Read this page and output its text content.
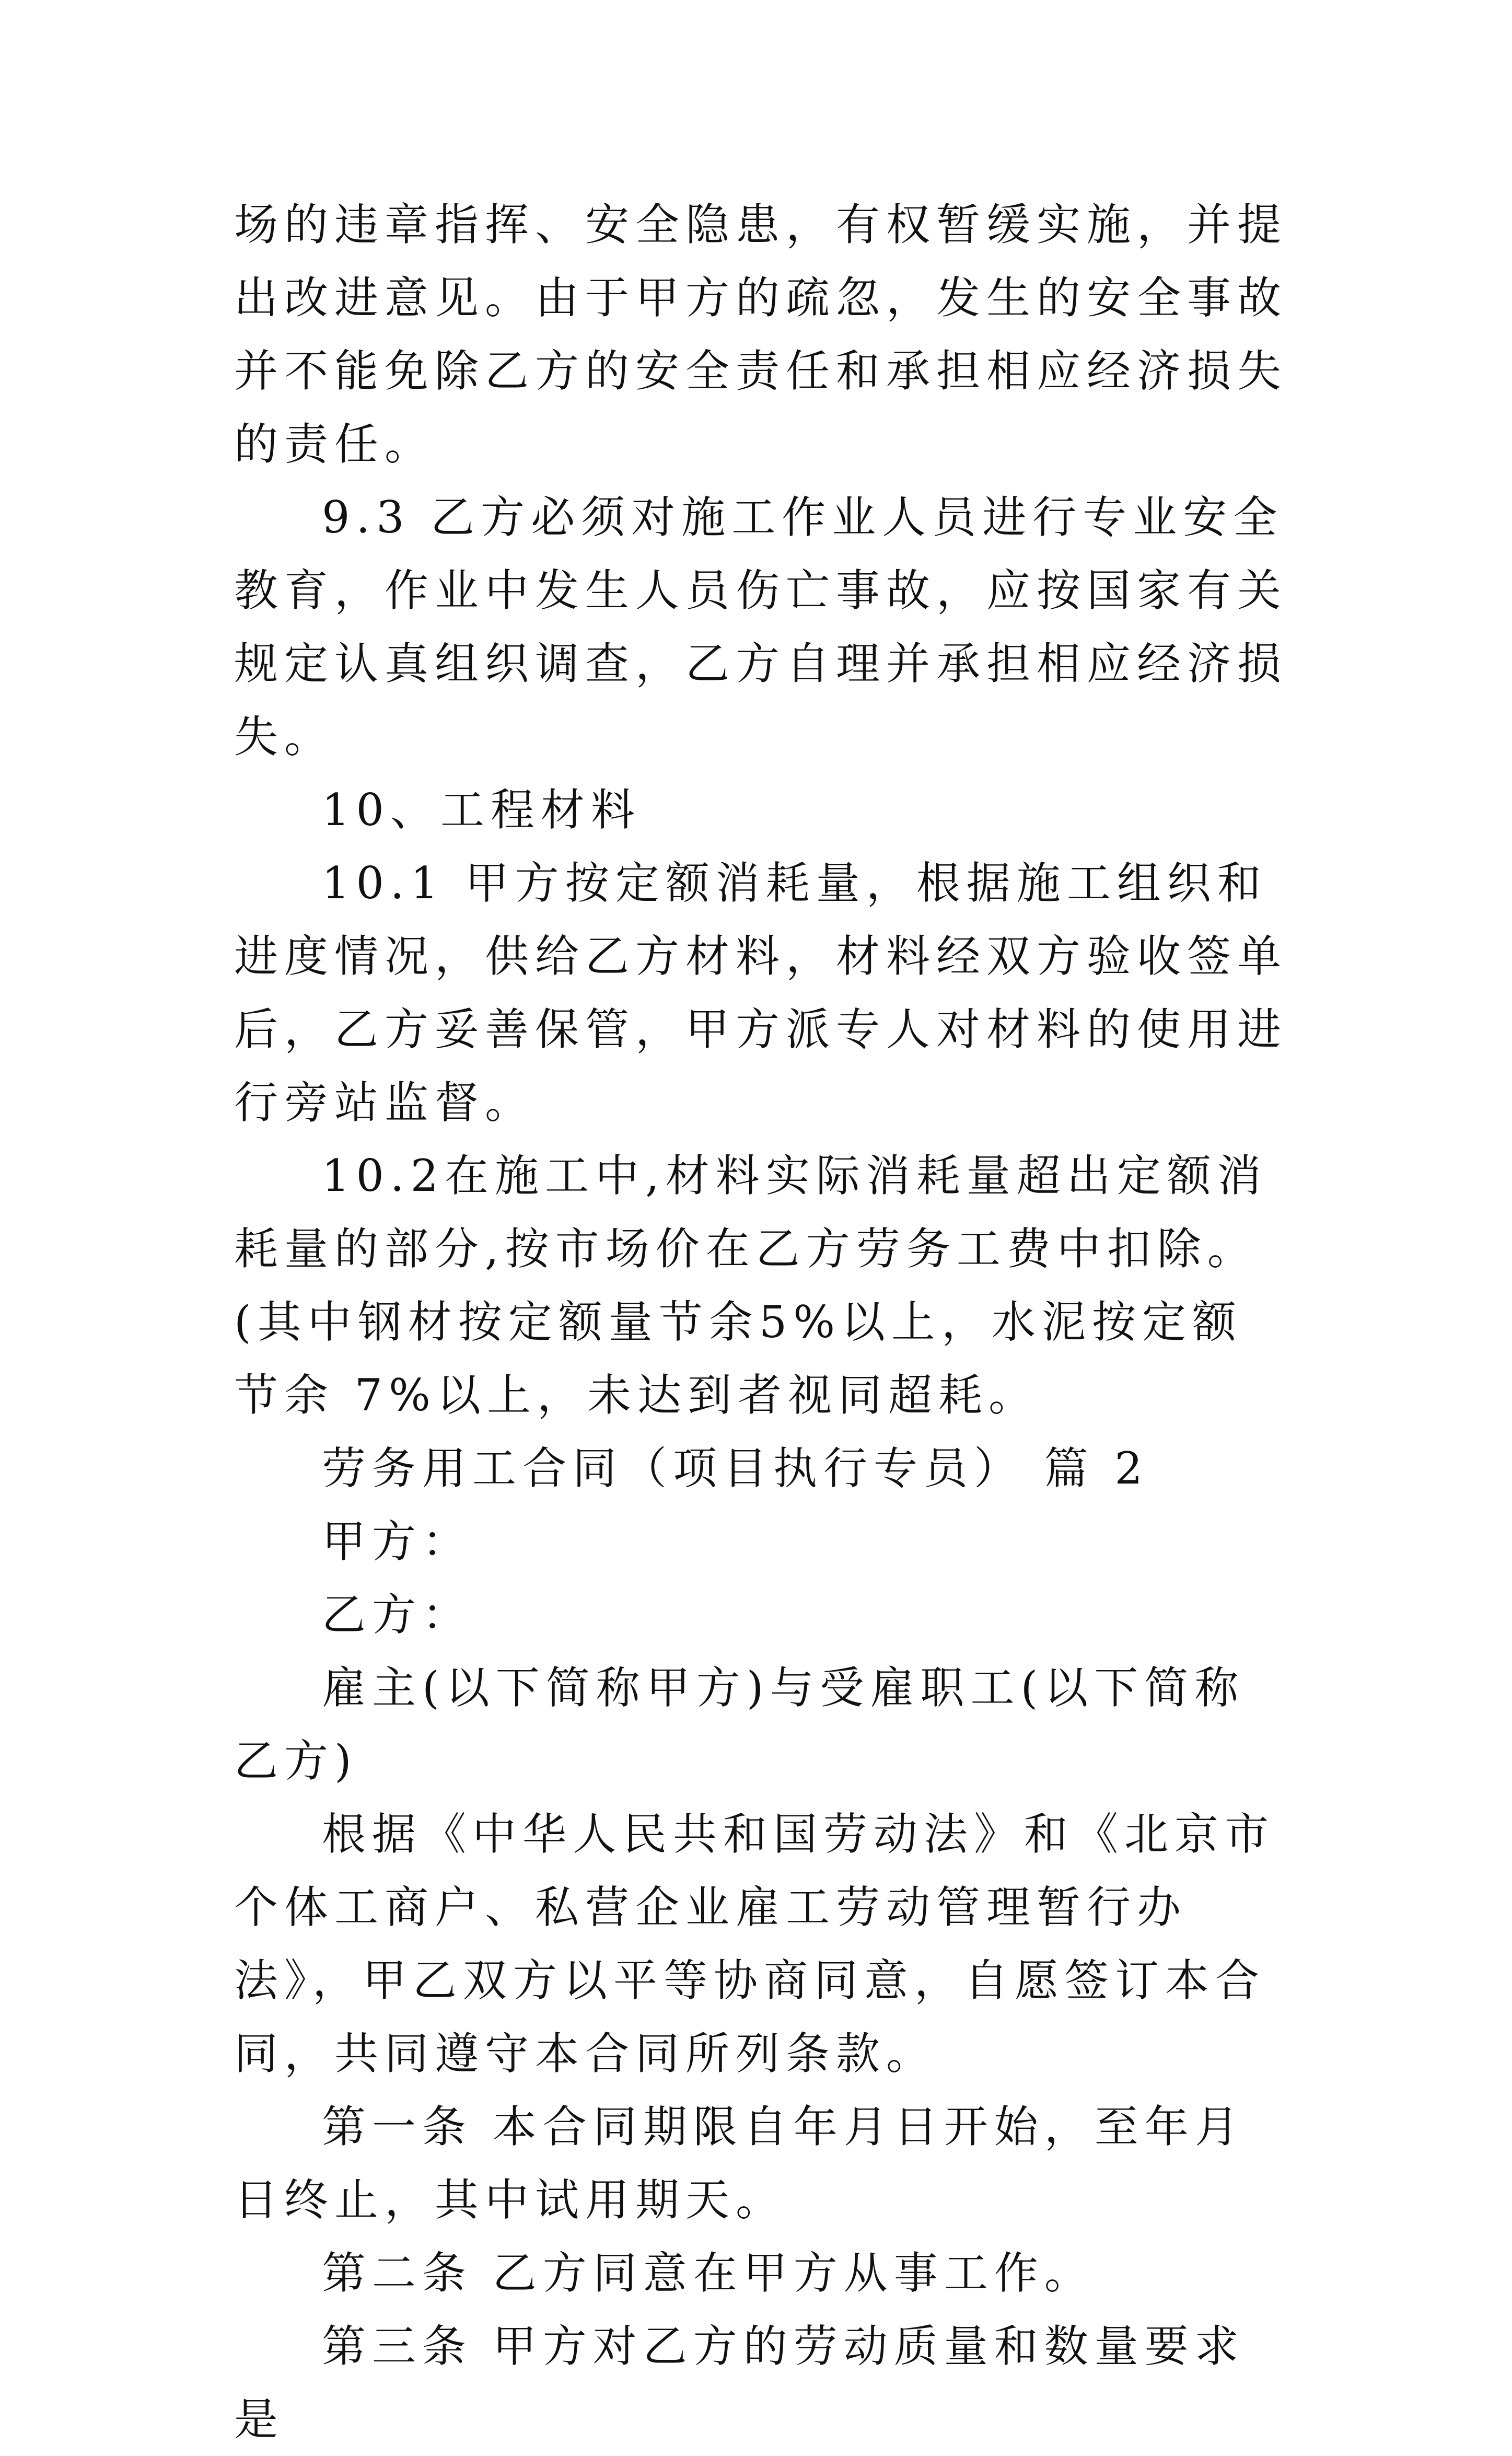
场的违章指挥、安全隐患，有权暂缓实施，并提出改进意见。由于甲方的疏忽，发生的安全事故并不能免除乙方的安全责任和承担相应经济损失的责任。

9.3 乙方必须对施工作业人员进行专业安全教育，作业中发生人员伤亡事故，应按国家有关规定认真组织调查，乙方自理并承担相应经济损失。

10、工程材料

10.1 甲方按定额消耗量，根据施工组织和进度情况，供给乙方材料，材料经双方验收签单后，乙方妥善保管，甲方派专人对材料的使用进行旁站监督。

10.2在施工中,材料实际消耗量超出定额消耗量的部分,按市场价在乙方劳务工费中扣除。(其中钢材按定额量节余5%以上，水泥按定额节余 7%以上，未达到者视同超耗。

劳务用工合同（项目执行专员） 篇 2

甲方：

乙方：

雇主(以下简称甲方)与受雇职工(以下简称乙方)

根据《中华人民共和国劳动法》和《北京市个体工商户、私营企业雇工劳动管理暂行办法》，甲乙双方以平等协商同意，自愿签订本合同，共同遵守本合同所列条款。

第一条 本合同期限自年月日开始，至年月日终止，其中试用期天。

第二条 乙方同意在甲方从事工作。

第三条 甲方对乙方的劳动质量和数量要求是
